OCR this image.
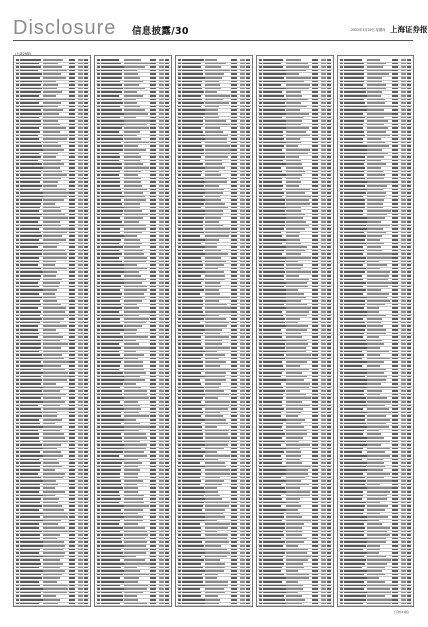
Disclosure 信息披露/30	2012年3月29日 星期四 上海证券报
(上接29版)
(下转31版)
